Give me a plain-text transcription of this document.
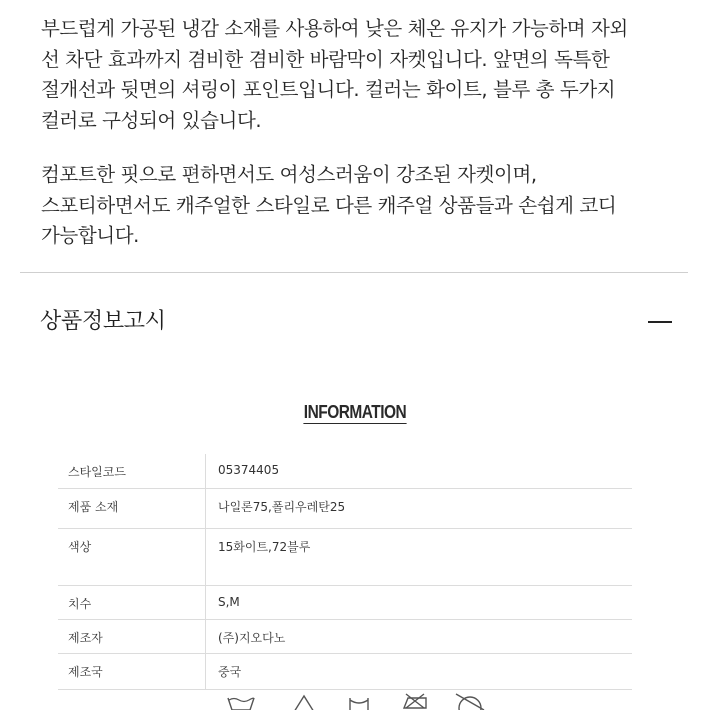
부드럽게 가공된 냉감 소재를 사용하여 낮은 체온 유지가 가능하며 자외

선 차단 효과까지 겸비한 겸비한 바람막이 자켓입니다. 앞면의 독특한

절개선과 뒷면의 셔링이 포인트입니다. 컬러는 화이트, 블루 총 두가지

컬러로 구성되어 있습니다.

컴포트한 핏으로 편하면서도 여성스러움이 강조된 자켓이며,

스포티하면서도 캐주얼한 스타일로 다른 캐주얼 상품들과 손쉽게 코디

가능합니다.

상품정보고시
INFORMATION
스타일코드	05374405

제품 소재	나일론75,폴리우레탄25

색상	15화이트,72블루

치수	S,M

제조자	(주)지오다노

제조국	중국
